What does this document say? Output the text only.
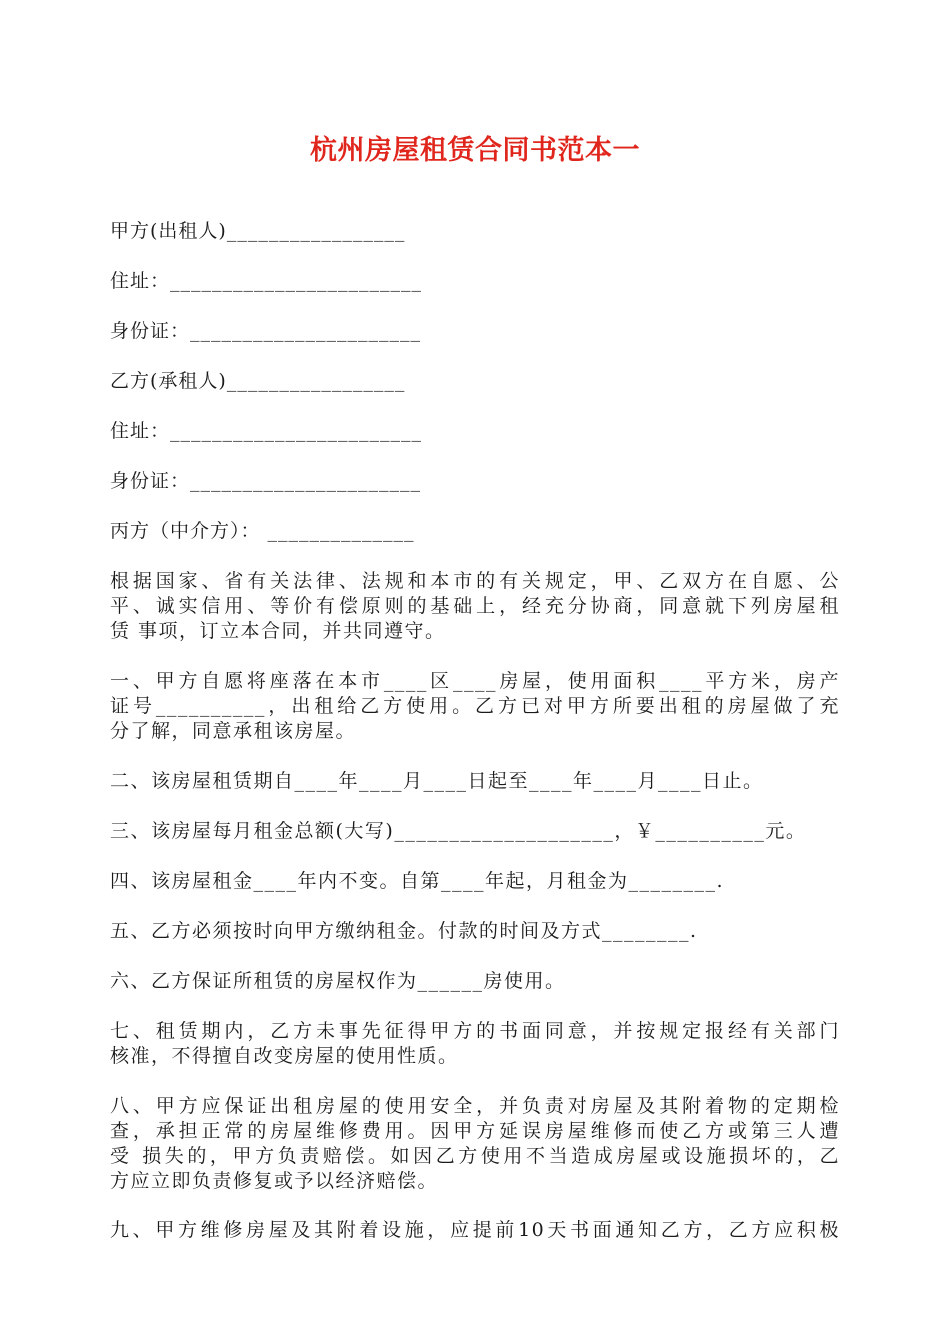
杭州房屋租赁合同书范本一
甲方(出租人)_________________
住址：________________________
身份证：______________________
乙方(承租人)_________________
住址：________________________
身份证：______________________
丙方（中介方）： ______________
根据国家、省有关法律、法规和本市的有关规定，甲、乙双方在自愿、公
平、诚实信用、等价有偿原则的基础上，经充分协商，同意就下列房屋租
赁 事项，订立本合同，并共同遵守。
一、甲方自愿将座落在本市____区____房屋，使用面积____平方米，房产
证号__________，出租给乙方使用。乙方已对甲方所要出租的房屋做了充
分了解，同意承租该房屋。
二、该房屋租赁期自____年____月____日起至____年____月____日止。
三、该房屋每月租金总额(大写)____________________，￥__________元。
四、该房屋租金____年内不变。自第____年起，月租金为________.
五、乙方必须按时向甲方缴纳租金。付款的时间及方式________.
六、乙方保证所租赁的房屋权作为______房使用。
七、租赁期内，乙方未事先征得甲方的书面同意，并按规定报经有关部门
核准，不得擅自改变房屋的使用性质。
八、甲方应保证出租房屋的使用安全，并负责对房屋及其附着物的定期检
查，承担正常的房屋维修费用。因甲方延误房屋维修而使乙方或第三人遭
受 损失的，甲方负责赔偿。如因乙方使用不当造成房屋或设施损坏的，乙
方应立即负责修复或予以经济赔偿。
九、甲方维修房屋及其附着设施，应提前10天书面通知乙方，乙方应积极
